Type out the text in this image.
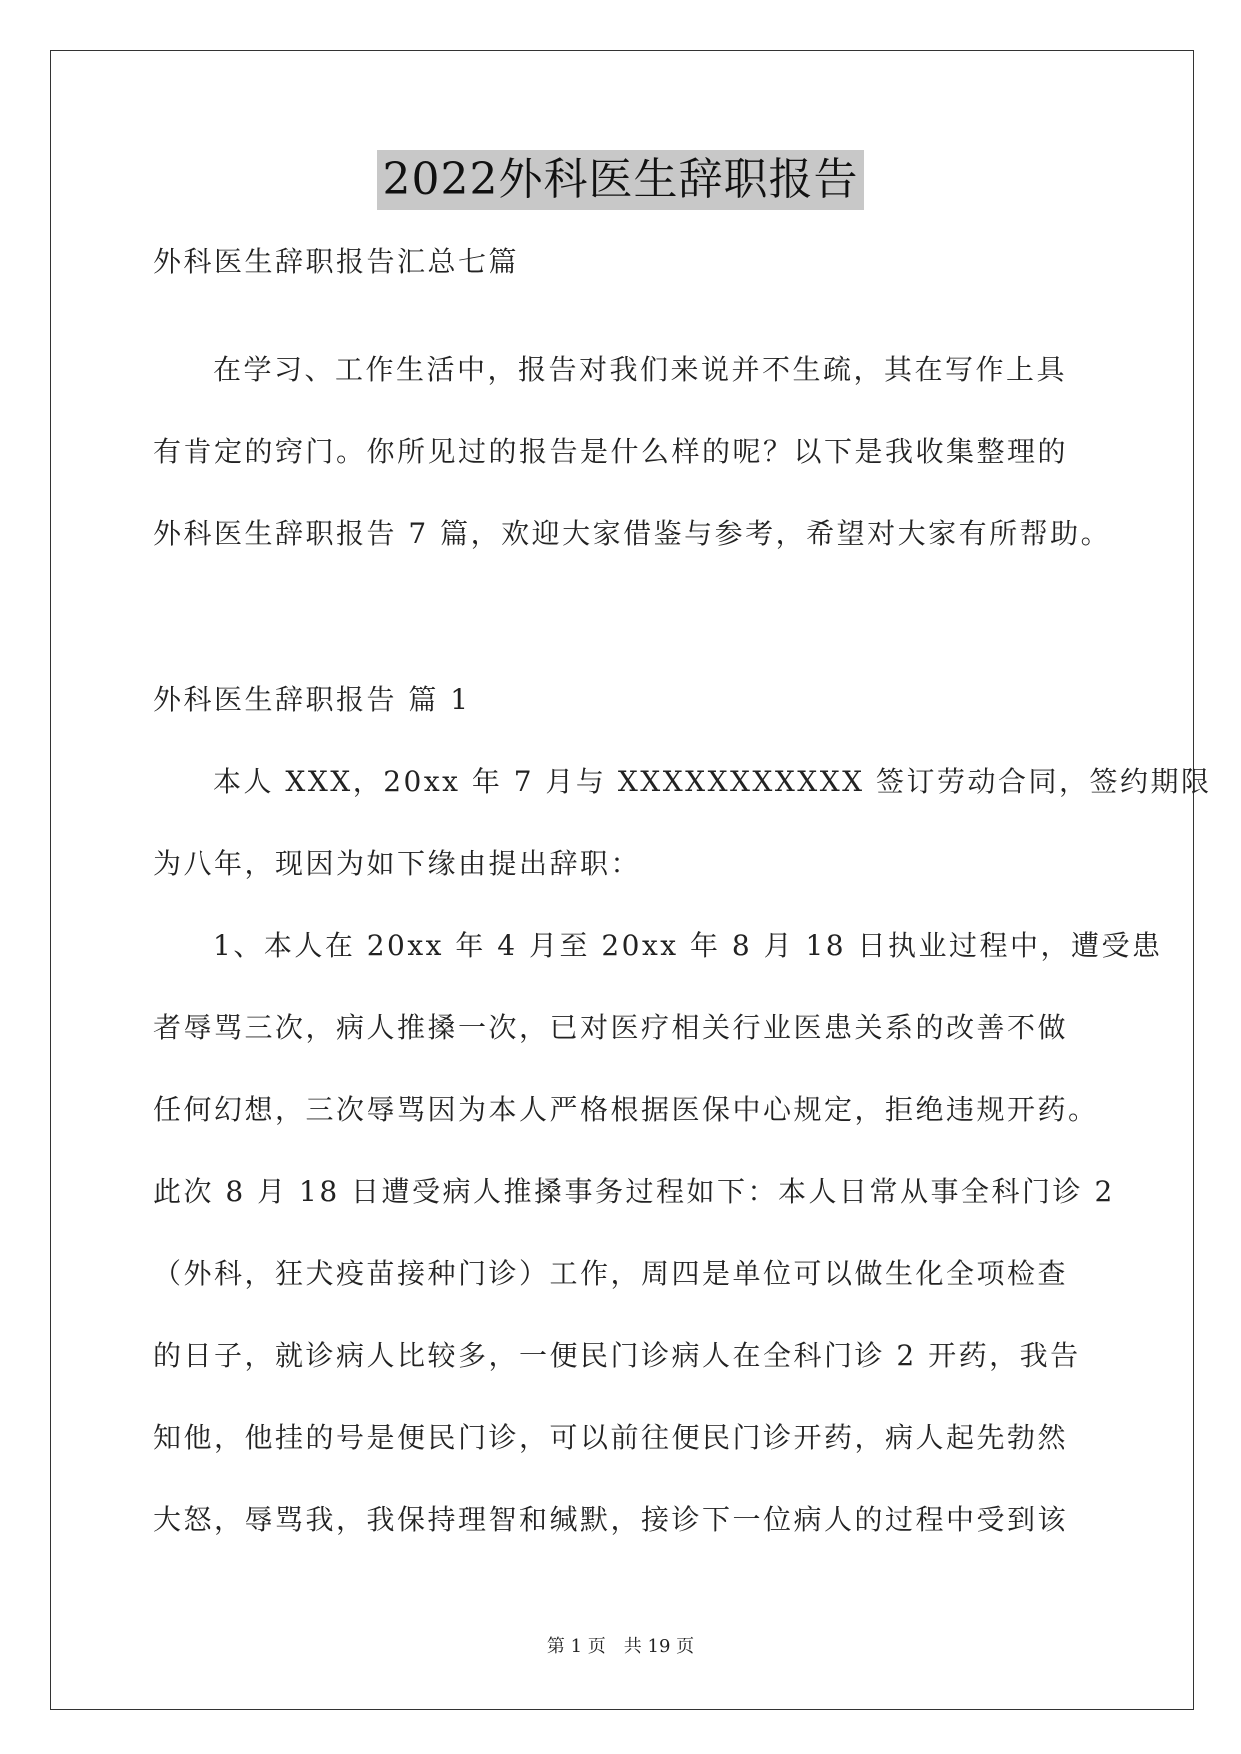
2022外科医生辞职报告
外科医生辞职报告汇总七篇
在学习、工作生活中，报告对我们来说并不生疏，其在写作上具
有肯定的窍门。你所见过的报告是什么样的呢？以下是我收集整理的
外科医生辞职报告 7 篇，欢迎大家借鉴与参考，希望对大家有所帮助。
外科医生辞职报告 篇 1
本人 XXX，20xx 年 7 月与 XXXXXXXXXXX 签订劳动合同，签约期限
为八年，现因为如下缘由提出辞职：
1、本人在 20xx 年 4 月至 20xx 年 8 月 18 日执业过程中，遭受患
者辱骂三次，病人推搡一次，已对医疗相关行业医患关系的改善不做
任何幻想，三次辱骂因为本人严格根据医保中心规定，拒绝违规开药。
此次 8 月 18 日遭受病人推搡事务过程如下：本人日常从事全科门诊 2
（外科，狂犬疫苗接种门诊）工作，周四是单位可以做生化全项检查
的日子，就诊病人比较多，一便民门诊病人在全科门诊 2 开药，我告
知他，他挂的号是便民门诊，可以前往便民门诊开药，病人起先勃然
大怒，辱骂我，我保持理智和缄默，接诊下一位病人的过程中受到该
第 1 页　共 19 页
